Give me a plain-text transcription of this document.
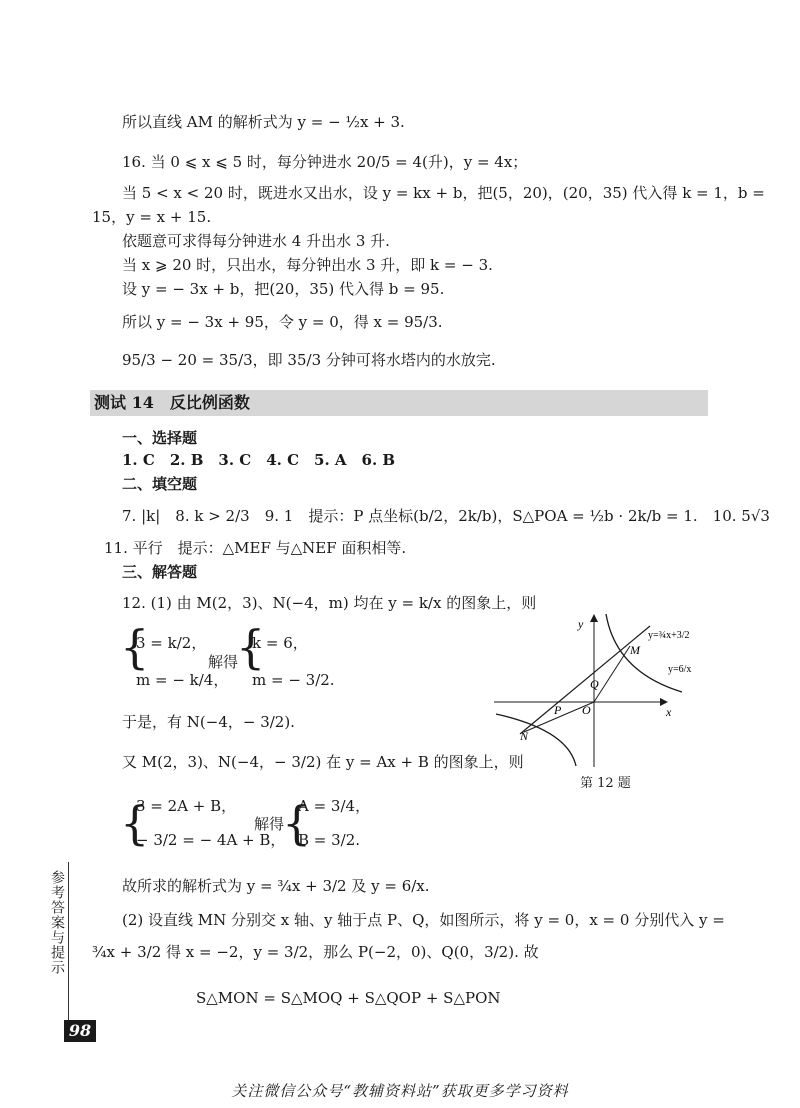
所以直线 AM 的解析式为 y = − ½x + 3.
16. 当 0 ⩽ x ⩽ 5 时，每分钟进水 20/5 = 4(升)，y = 4x；
当 5 < x < 20 时，既进水又出水，设 y = kx + b，把(5，20)，(20，35) 代入得 k = 1，b =
15，y = x + 15.
依题意可求得每分钟进水 4 升出水 3 升.
当 x ⩾ 20 时，只出水，每分钟出水 3 升，即 k = − 3.
设 y = − 3x + b，把(20，35) 代入得 b = 95.
所以 y = − 3x + 95，令 y = 0，得 x = 95/3.
95/3 − 20 = 35/3，即 35/3 分钟可将水塔内的水放完.
测试 14　反比例函数
一、选择题
1. C　2. B　3. C　4. C　5. A　6. B
二、填空题
7. |k|　8. k > 2/3　9. 1　提示：P 点坐标(b/2，2k/b)，S△POA = ½b · 2k/b = 1.　10. 5√3
11. 平行　提示：△MEF 与△NEF 面积相等.
三、解答题
12. (1) 由 M(2，3)、N(−4，m) 均在 y = k/x 的图象上，则
{
3 = k/2，
m = − k/4，
解得
{
k = 6，
m = − 3/2.
于是，有 N(−4，− 3/2).
又 M(2，3)、N(−4，− 3/2) 在 y = Ax + B 的图象上，则
{
3 = 2A + B，
− 3/2 = − 4A + B，
解得
{
A = 3/4，
B = 3/2.
故所求的解析式为 y = ¾x + 3/2 及 y = 6/x.
(2) 设直线 MN 分别交 x 轴、y 轴于点 P、Q，如图所示，将 y = 0，x = 0 分别代入 y =
¾x + 3/2 得 x = −2，y = 3/2，那么 P(−2，0)、Q(0，3/2). 故
S△MON = S△MOQ + S△QOP + S△PON
y
x
O
P
Q
M
N
y=¾x+3/2
y=6/x
第 12 题
参考答案与提示
98
关注微信公众号“教辅资料站”获取更多学习资料
